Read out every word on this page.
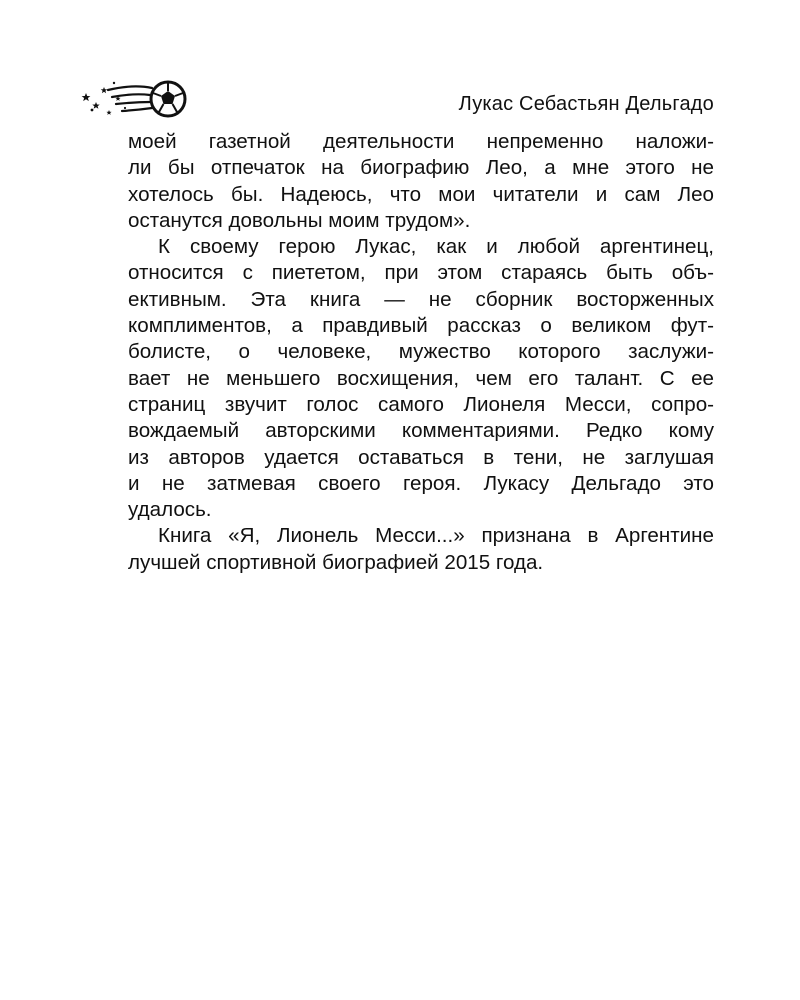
Лукас Себастьян Дельгадо
моей газетной деятельности непременно наложи-
ли бы отпечаток на биографию Лео, а мне этого не
хотелось бы. Надеюсь, что мои читатели и сам Лео
останутся довольны моим трудом».
К своему герою Лукас, как и любой аргентинец,
относится с пиететом, при этом стараясь быть объ-
ективным. Эта книга — не сборник восторженных
комплиментов, а правдивый рассказ о великом фут-
болисте, о человеке, мужество которого заслужи-
вает не меньшего восхищения, чем его талант. С ее
страниц звучит голос самого Лионеля Месси, сопро-
вождаемый авторскими комментариями. Редко кому
из авторов удается оставаться в тени, не заглушая
и не затмевая своего героя. Лукасу Дельгадо это
удалось.
Книга «Я, Лионель Месси...» признана в Аргентине
лучшей спортивной биографией 2015 года.
